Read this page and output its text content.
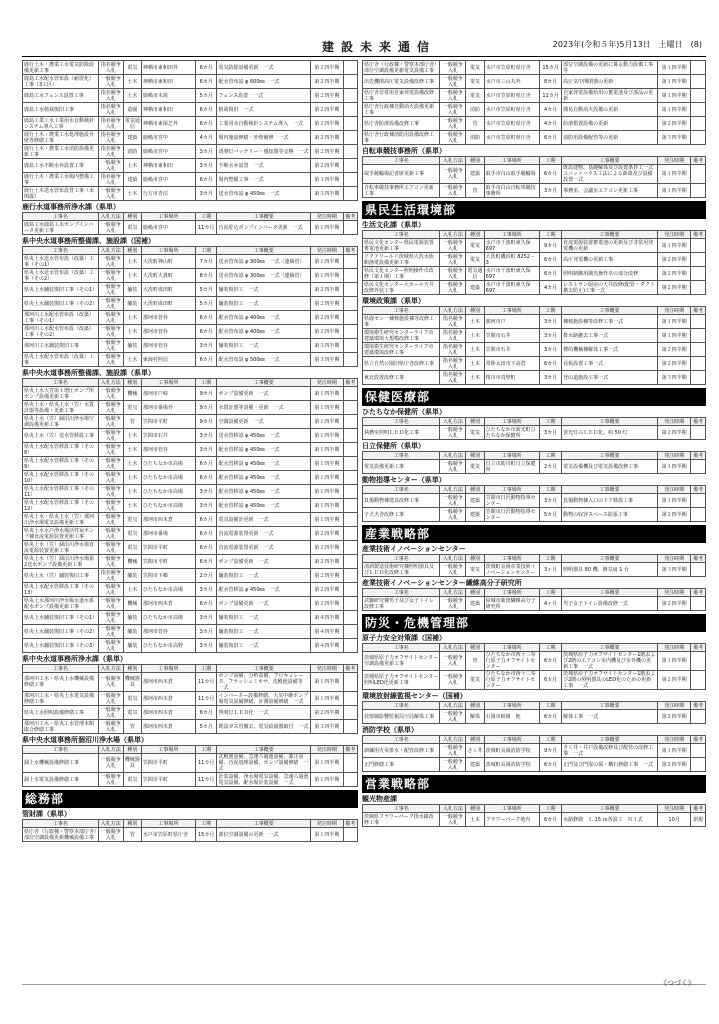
建設未来通信	2023年(令和５年)5月13日　土曜日　(8)
鹿行土木・農業工水電気防除設備更新工事	指名競争入札	電気	神栖市東和田外	6カ月	電気防除設備更新　一式	第２四半期	
鹿島工水配水管布設（耐震化）工事（3工区）	一般競争入札	土木	神栖市東和田	6カ月	配水管布設 φ 600㎜　一式	第２四半期	
鹿島工水フェンス設置工事	指名競争入札	土木	鹿嶋市木滝	5カ月	フェンス設置　一式	第２四半期	
鹿島工水植栽復旧工事	指名競争入札	造園	神栖市東和田	6カ月	植栽復旧　一式	第２四半期	
鹿島工業工水工業用水自動検針システム導入工事	指名競争入札	電気通信	神栖市東深芝外	6カ月	工業用水自動検針システム導入　一式	第２四半期	
鹿行土木・農業工水処理施設外壁等修繕工事	指名競争入札	建築	鹿嶋市宮中	4カ月	場内施設修繕・外壁補修　一式	第２四半期	
鹿行土木・農業工水消防設備更新工事	指名競争入札	消防	鹿嶋市宮中	3カ月	誘導灯バッテリー・感知器等交換　一式	第２四半期	
鹿島工水不断水弁設置工事	一般競争入札	土木	神栖市東和田	3カ月	不断水弁設置　一式	第２四半期	
鹿行土木・農業工水場内整備工事	指名競争入札	建築	鹿嶋市宮中	6カ月	場内整備工事　一式	第３四半期	
鹿行土木送水管布設替工事（末関歳）	一般競争入札	土木	行方市青沼	3カ月	送水管布設 φ 450㎜　一式	第３四半期	
鹿行水道事務所浄水課（県単）
工事名	入札方法	種別	工事場所	工期	工事概要	発注時期	備考
鹿島工水鹿島工水ポンプインバータ更新工事	一般競争入札	電気	鹿嶋市宮中	11カ月	汚泥貯込ポンプインバータ更新　一式	第１四半期	
県中央水道事務所整備課、施設課（国補）
工事名	入札方法	種別	工事場所	工期	工事概要	発注時期	備考
県央上水送水管布設（改築）工事（その1）	一般競争入札	土木	大洗町神山町	7カ月	送水管布設 φ 300㎜　一式（連絡管）	第１四半期	
県央上水送水管布設（改築）工事（その2）	一般競争入札	土木	大洗町大貫町	8カ月	送水管布設 φ 300㎜　一式（連絡管）	第１四半期	
県央上水舗装復旧工事（その1）	一般競争入札	舗装	大洗町成田町	5カ月	舗装復旧工　一式	第２四半期	
県央上水舗装復旧工事（その2）	一般競争入札	舗装	大洗町成田町	5カ月	舗装復旧工　一式	第２四半期	
那珂川工水配水管布設（改築）工事（その1）	一般競争入札	土木	那珂市菅谷	6カ月	配水管布設 φ 400㎜　一式	第２四半期	
那珂川工水配水管布設（改築）工事（その2）	一般競争入札	土木	那珂市菅谷	6カ月	配水管布設 φ 400㎜　一式	第２四半期	
那珂川工水舗装復旧工事	一般競争入札	舗装	那珂市菅谷	3カ月	舗装復旧工　一式	第３四半期	
県央上水配水管布設（改築）工事	一般競争入札	土木	東海村照沼	6カ月	配水管布設 φ 500㎜　一式	第３四半期	
県中央水道事務所整備課、施設課（県単）
工事名	入札方法	種別	工事場所	工期	工事概要	発注時期	備考
県央上水大宮第１増圧ポンプ所ポンプ設備更新工事	一般競争入札	機械	那珂市戸崎	9カ月	ポンプ設備更新　一式	第１四半期	
県央上水・県央上水（笠）水質計器等設備・更新工事	一般競争入札	電気	那珂市番場外	9カ月	水質計器等設備・更新　一式	第１四半期	
県央上水（笠）涸沼川浄水場空調設備更新工事	一般競争入札	管	笠間市平町	9カ月	空調設備更新　一式	第１四半期	
県央上水（笠）送水管移設工事	一般競争入札	土木	笠間市石井	3カ月	送水管移設 φ 450㎜　一式	第１四半期	
県央上水配水管移設工事（その8）	一般競争入札	土木	那珂市菅谷	3カ月	配水管移設 φ 450㎜　一式	第１四半期	
県央上水配水管移設工事（その9）	一般競争入札	土木	ひたちなか市高場	6カ月	配水管移設 φ 450㎜　一式	第１四半期	
県央上水配水管移設工事（その10）	一般競争入札	土木	ひたちなか市高場	6カ月	配水管移設 φ 450㎜　一式	第１四半期	
県央上水配水管移設工事（その11）	一般競争入札	土木	ひたちなか市高場	3カ月	配水管移設 φ 450㎜　一式	第１四半期	
県央上水配水管移設工事（その12）	一般競争入札	土木	ひたちなか市高場	3カ月	配水管移設 φ 450㎜　一式	第１四半期	
県央上水・県央上水（笠）那珂川浄水場電気設備更新工事	一般競争入札	電気	那珂市西木倉	6カ月	電気設備計更新　一式	第１四半期	
県央上水水戸浄水場活性炭ポンプ棟直流電源装置更新工事	一般競争入札	電気	那珂市番場	6カ月	直流電源装置更新　一式	第２四半期	
県央上水（笠）涸沼川浄水場直流電源装置更新工事	一般競争入札	電気	笠間市平町	6カ月	直流電源装置更新　一式	第２四半期	
県央上水（笠）涸沼川浄水場第2送水ポンプ設備更新工事	一般競争入札	機械	笠間市平町	6カ月	ポンプ設備更新　一式	第２四半期	
県央上水（笠）舗装復旧工事	指名競争入札	舗装	笠間市下郷	2カ月	舗装復旧工　一式	第２四半期	
県央上水配水管移設工事（その13）	一般競争入札	土木	ひたちなか市高場	3カ月	配水管移設 φ 450㎜　一式	第２四半期	
県央上水那珂川浄水場水道水系配水ポンプ設備更新工事	一般競争入札	機械	那珂市西木倉	6カ月	ポンプ設備更新　一式	第２四半期	
県央上水舗装復旧工事（その1）	一般競争入札	舗装	ひたちなか市高場	3カ月	舗装復旧工　一式	第４四半期	
県央上水舗装復旧工事（その2）	一般競争入札	舗装	那珂市菅谷	3カ月	舗装復旧工　一式	第４四半期	
県央上水舗装復旧工事（その3）	一般競争入札	舗装	ひたちなか市高野	3カ月	舗装復旧工　一式	第４四半期	
県中央水道事務所浄水課（県単）
工事名	入札方法	種別	工事場所	工期	工事概要	発注時期	備考
那珂川工水・県央上水機械設備修繕工事	一般競争入札	機械器具	那珂市西木倉	11カ月	ポンプ設備、分析設備、フロキュレータ、フラッシュミキサ、沈殿池設備等　一式	第１四半期	
那珂川工水・県央上水電気設備修繕工事	一般競争入札	電気	那珂市西木倉	11カ月	インバーター設備修繕、大気中継ポンプ場電気設備修繕、計測設備修繕　一式	第１四半期	
県央上水照明設備修繕工事	一般競争入札	電気	那珂市西木倉	6カ月	照明灯ＬＥＤ化　一式	第２四半期	
那珂川工水・県央工水管理本館取合修繕工事	一般競争入札	管	那珂市西木倉	5カ月	既設ガス管撤去、電気給湯器取付　一式	第３四半期	
県中央水道事務所涸沼川浄水場（県単）
工事名	入札方法	種別	工事場所	工期	工事概要	発注時期	備考
涸上水機械設備修繕工事	一般競争入札	機械器具	笠間市平町	11カ月	沈殿池設備、急速ろ過池設備、薬注設備、汚泥処理設備、ポンプ設備修繕　一式	第１四半期	
涸上水電気設備修繕工事	一般競争入札	電気	笠間市平町	11カ月	計装設備、浄水場電気設備、急速ろ過池電気設備、配水場計装設備　一式	第１四半期	
総務部
管財課（県単）
工事名	入札方法	種別	工事場所	工期	工事概要	発注時期	備考
県庁舎（行政棟・警察本部庁舎）部位空調設備更新機械設備工事	一般競争入札	管	水戸市笠原町県庁舎	15カ月	部位空調設備の更新　一式	第１四半期	
県庁舎（行政棟・警察本部庁舎）部位空調設備更新電気設備工事	一般競争入札	電気	水戸市笠原町県庁舎	15カ月	部位空調設備の更新に係る動力設備工事等	第１四半期	
出先機関高圧電気設備改修工事	一般競争入札	電気	水戸市三の丸外	8カ月	高圧気中開閉器の更新	第１四半期	
県庁舎非常用自家発電設備改修工事	一般競争入札	電気	水戸市笠原町県庁舎	11カ月	自家発電設備始用の蓄電池及び部品の更新	第１四半期	
県庁舎行政棟自動消火設備更新工事	一般競争入札	消防	水戸市笠原町県庁舎	4カ月	簡易自動消火設備の更新	第１四半期	
県庁舎防滑設備改修工事	一般競争入札	管	水戸市笠原町県庁舎	4カ月	防滑措置設備の更新	第２四半期	
県庁舎行政棟消防用設備改修工事	一般競争入札	消防	水戸市笠原町県庁舎	6カ月	消防用設備配管等の更新	第３四半期	
自転車競技事務所（県単）
工事名	入札方法	種別	工事場所	工期	工事概要	発注時期	備考
取手競輪場記者席更新工事	一般競争入札	建築	取手市白山取手競輪場	6カ月	既設建物、基礎解体及び設置条件工一式ユニットハウス工法による新築及び設備設置一式	第１四半期	
自転車競技事務所エアコン更新工事	一般競争入札	管	取手市白山自転車競技事務所	3カ月	事務室、会議室エアコン更新工事	第１四半期	
県民生活環境部
生活文化課（県単）
工事名	入札方法	種別	工事場所	工期	工事概要	発注時期	備考
県民文化センター県民電源装置蓄電池更新工事	一般競争入札	電気	水戸市千波町東久保697	9カ月	直流電源装置蓄電池の更新及び非常用発電機の更新	第１四半期	
アクアワールド茨城県大洗水族館漁電設備更新工事	一般競争入札	電気	大洗町磯浜町 8252－3	6カ月	高圧発電機の更新工事	第２四半期	
県民文化センター照明操作卓改修（第１期）工事	一般競争入札	電気通信	水戸市千波町東久保697	6カ月	照明制御用調光操作卓の部分改修	第２四半期	
県民文化センター大ホール天井改修外装工事	一般競争入札	建築	水戸市千波町東久保697	4カ月	レストラン厨房の天井改修(配管・ダクト撤去防止)工事一式	第２四半期	
環境政策課（県単）
工事名	入札方法	種別	工事場所	工期	工事概要	発注時期	備考
県鹿セン一棟核施設棟等改修工事	指名競争入札	土木	那珂市戸	3カ月	棟核施設棟等改修工事一式	第１四半期	
環境衛生研究センターライフ市建築環境大規模改修工事	指名競争入札	土木	笠間市石井	3カ月	排水路撤去工事一式	第１四半期	
環境衛生研究センターライフ市建築環境改修工事	指名競争入札	土木	笠間市石井	3カ月	標的機械棟解体工事一式	第２四半期	
県立自然公園旧県庁舎改修工事	指名競争入札	土木	常陸太田市下高倉	6カ月	看板設置工事一式	第２四半期	
東北設置改修工事	指名競争入札	土木	桜川市真壁町	3カ月	登山道施設工事一式	第３四半期	
保健医療部
ひたちなか保健所（県単）
工事名	入札方法	種別	工事場所	工期	工事概要	発注時期	備考
執務室照明ＬＥＤ化工事	一般競争入札	電気	ひたちなか市新光町ひたちなか保健所	3カ月	蛍光灯のＬＥＤ化、約 50 灯	第２四半期	
日立保健所（県単）
工事名	入札方法	種別	工事場所	工期	工事概要	発注時期	備考
電気設備更新工事	一般競争入札	電気	日立市助川町日立保健所	2カ月	電気設備機及び電気設備改修工事	第１四半期	
動物指導センター（県単）
工事名	入札方法	種別	工事場所	工期	工事概要	発注時期	備考
負傷動物棟建具改修工事	一般競争入札	建築	笠間市日沢動物指導センター	3カ月	負傷動物棟入口のドア移設工事	第１四半期	
子犬犬舎改修工事	一般競争入札	建築	笠間市日沢動物指導センター	5カ月	動物の収容スペース拡張工事	第２四半期	
産業戦略部
産業技術イノベーションセンター
工事名	入札方法	種別	工事場所	工期	工事概要	発注時期	備考
清酒製造技術研究棟照明器具及びＬＥＤ化改修工事	一般競争入札	電気	茨城町長岡産業技術イノベーションセンター	3ヶ月	照明器具 80 機、換気扇 1 台	第３四半期	
産業技術イノベーションセンター繊維高分子研究所
工事名	入札方法	種別	工事場所	工期	工事概要	発注時期	備考
試験研究棟男子及び女子トイレ改修工事	一般競争入札	建築	結城市鹿窪繊維高分子研究所	4ヶ月	男子女子トイレ設備改修一式	第２四半期	
防災・危機管理部
原子力安全対策課（国補）
工事名	入札方法	種別	工事場所	工期	工事概要	発注時期	備考
茨城県原子力オフサイトセンター空調設備更新工事	一般競争入札	管	ひたちなか市西十三奉行原子力オフサイトセンター	6カ月	茨城県原子力オフサイトセンター1階および2階のエアコン室内機及び室外機の更新工事　一式	第１四半期	
茨城県原子力オフサイトセンター照明LED化更新工事	一般競争入札	電気	ひたちなか市西十三奉行原子力オフサイトセンター	6カ月	茨城県原子力オフサイトセンター1階および2階の照明器具のLED化のための更新工事　一式	第２四半期	
環境放射線監視センター（国補）
工事名	入札方法	種別	工事場所	工期	工事概要	発注時期	備考
放射線影響監視局空局解体工事	一般競争入札	解体	石岡市柿岡　他	6カ月	解体工事　一式	第２四半期	
消防学校（県単）
工事名	入札方法	種別	工事場所	工期	工事概要	発注時期	備考
訓練用火災排水・配管改修工事	一般競争入札	さく井	茨城町長岡消防学校	9カ月	さく井・井戸設備改修及び配管の改修工事　一式	第１四半期	
正門修繕工事	一般競争入札	建築	茨城町長岡消防学校	6カ月	正門及び門扉の保・構石修繕工事　一式	第２四半期	
営業戦略部
観光物産課
工事名	入札方法	種別	工事場所	工期	工事概要	発注時期	備考
茨城県フラワーパーク排水路改修工事	一般競争入札	土木	フラワーパーク地内	6カ月	水路修繕　Ｌ 15 ｍ各設工　Ｎ１式	10月	新規
《つづく》
